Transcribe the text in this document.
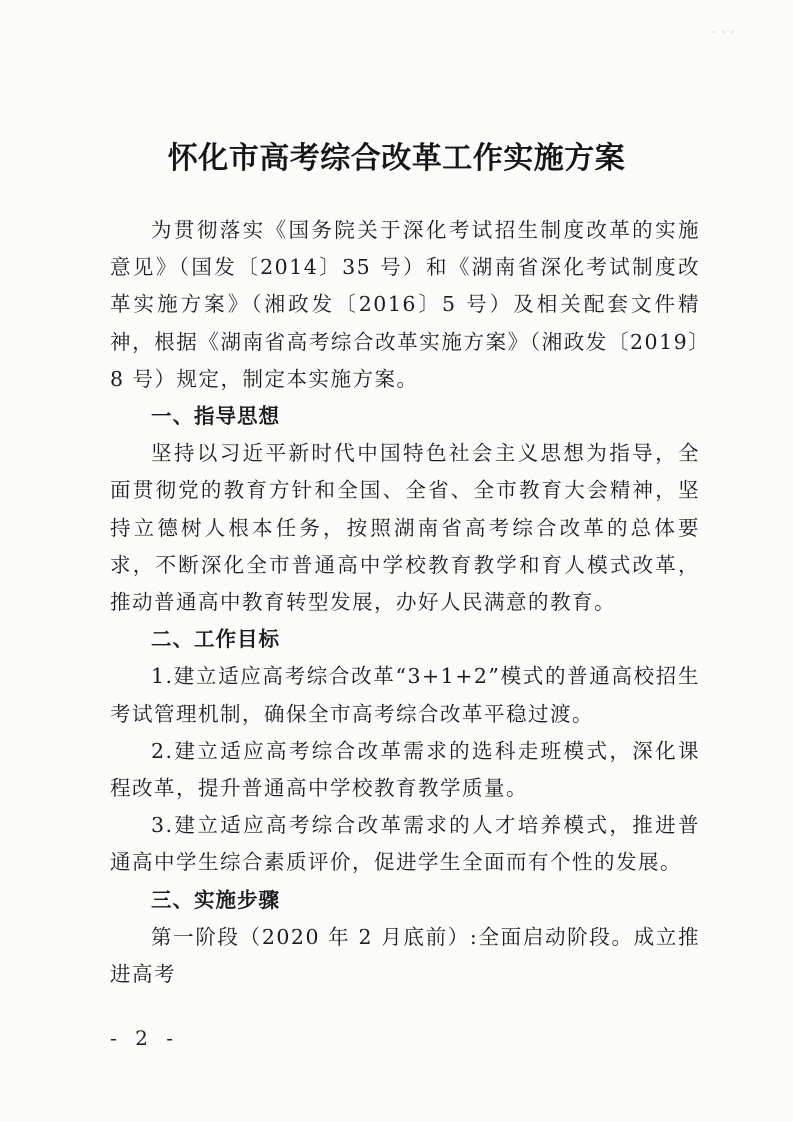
· · ·
怀化市高考综合改革工作实施方案

为贯彻落实《国务院关于深化考试招生制度改革的实施意见》（国发〔2014〕35 号）和《湖南省深化考试制度改革实施方案》（湘政发〔2016〕5 号）及相关配套文件精神，根据《湖南省高考综合改革实施方案》（湘政发〔2019〕8 号）规定，制定本实施方案。

一、指导思想

坚持以习近平新时代中国特色社会主义思想为指导，全面贯彻党的教育方针和全国、全省、全市教育大会精神，坚持立德树人根本任务，按照湖南省高考综合改革的总体要求，不断深化全市普通高中学校教育教学和育人模式改革，推动普通高中教育转型发展，办好人民满意的教育。

二、工作目标

1.建立适应高考综合改革“3+1+2”模式的普通高校招生考试管理机制，确保全市高考综合改革平稳过渡。

2.建立适应高考综合改革需求的选科走班模式，深化课程改革，提升普通高中学校教育教学质量。

3.建立适应高考综合改革需求的人才培养模式，推进普通高中学生综合素质评价，促进学生全面而有个性的发展。

三、实施步骤

第一阶段（2020 年 2 月底前）:全面启动阶段。成立推进高考

- 2 -
